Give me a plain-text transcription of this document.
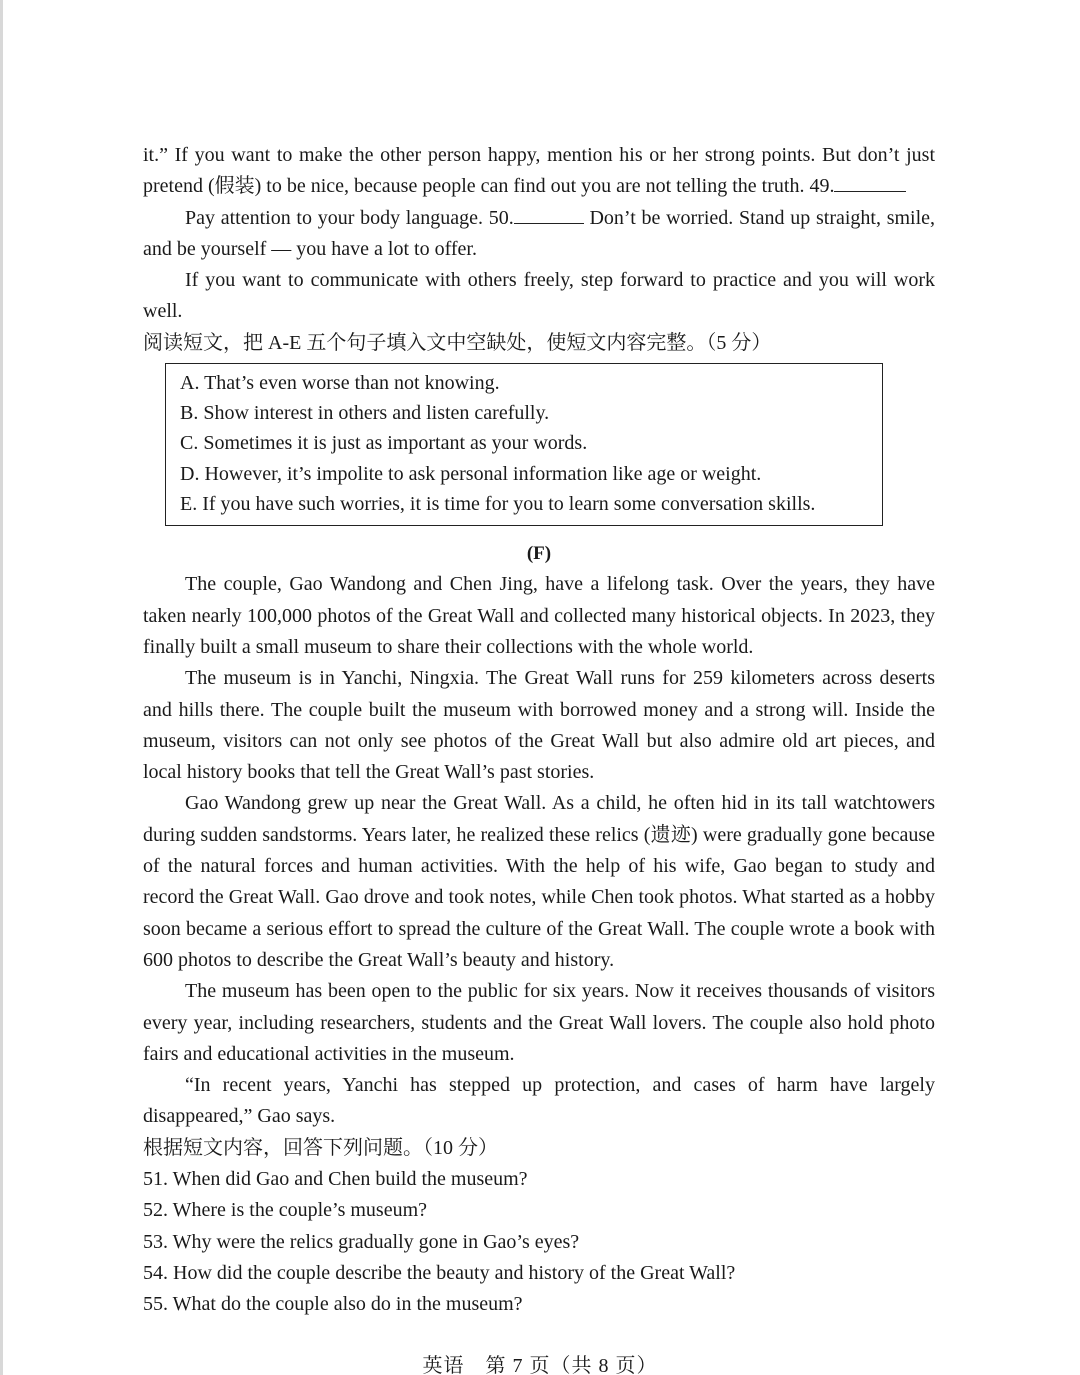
it.” If you want to make the other person happy, mention his or her strong points. But don’t just pretend (假装) to be nice, because people can find out you are not telling the truth. 49.

Pay attention to your body language. 50.	Don’t be worried. Stand up straight, smile, and be yourself — you have a lot to offer.

If you want to communicate with others freely, step forward to practice and you will work well.

阅读短文，把 A-E 五个句子填入文中空缺处，使短文内容完整。（5 分）

A. That’s even worse than not knowing.
B. Show interest in others and listen carefully.
C. Sometimes it is just as important as your words.
D. However, it’s impolite to ask personal information like age or weight.
E. If you have such worries, it is time for you to learn some conversation skills.

(F)

The couple, Gao Wandong and Chen Jing, have a lifelong task. Over the years, they have taken nearly 100,000 photos of the Great Wall and collected many historical objects. In 2023, they finally built a small museum to share their collections with the whole world.

The museum is in Yanchi, Ningxia. The Great Wall runs for 259 kilometers across deserts and hills there. The couple built the museum with borrowed money and a strong will. Inside the museum, visitors can not only see photos of the Great Wall but also admire old art pieces, and local history books that tell the Great Wall’s past stories.

Gao Wandong grew up near the Great Wall. As a child, he often hid in its tall watchtowers during sudden sandstorms. Years later, he realized these relics (遗迹) were gradually gone because of the natural forces and human activities. With the help of his wife, Gao began to study and record the Great Wall. Gao drove and took notes, while Chen took photos. What started as a hobby soon became a serious effort to spread the culture of the Great Wall. The couple wrote a book with 600 photos to describe the Great Wall’s beauty and history.

The museum has been open to the public for six years. Now it receives thousands of visitors every year, including researchers, students and the Great Wall lovers. The couple also hold photo fairs and educational activities in the museum.

“In recent years, Yanchi has stepped up protection, and cases of harm have largely disappeared,” Gao says.

根据短文内容，回答下列问题。（10 分）

51. When did Gao and Chen build the museum?

52. Where is the couple’s museum?

53. Why were the relics gradually gone in Gao’s eyes?

54. How did the couple describe the beauty and history of the Great Wall?

55. What do the couple also do in the museum?

英语　第 7 页（共 8 页）
